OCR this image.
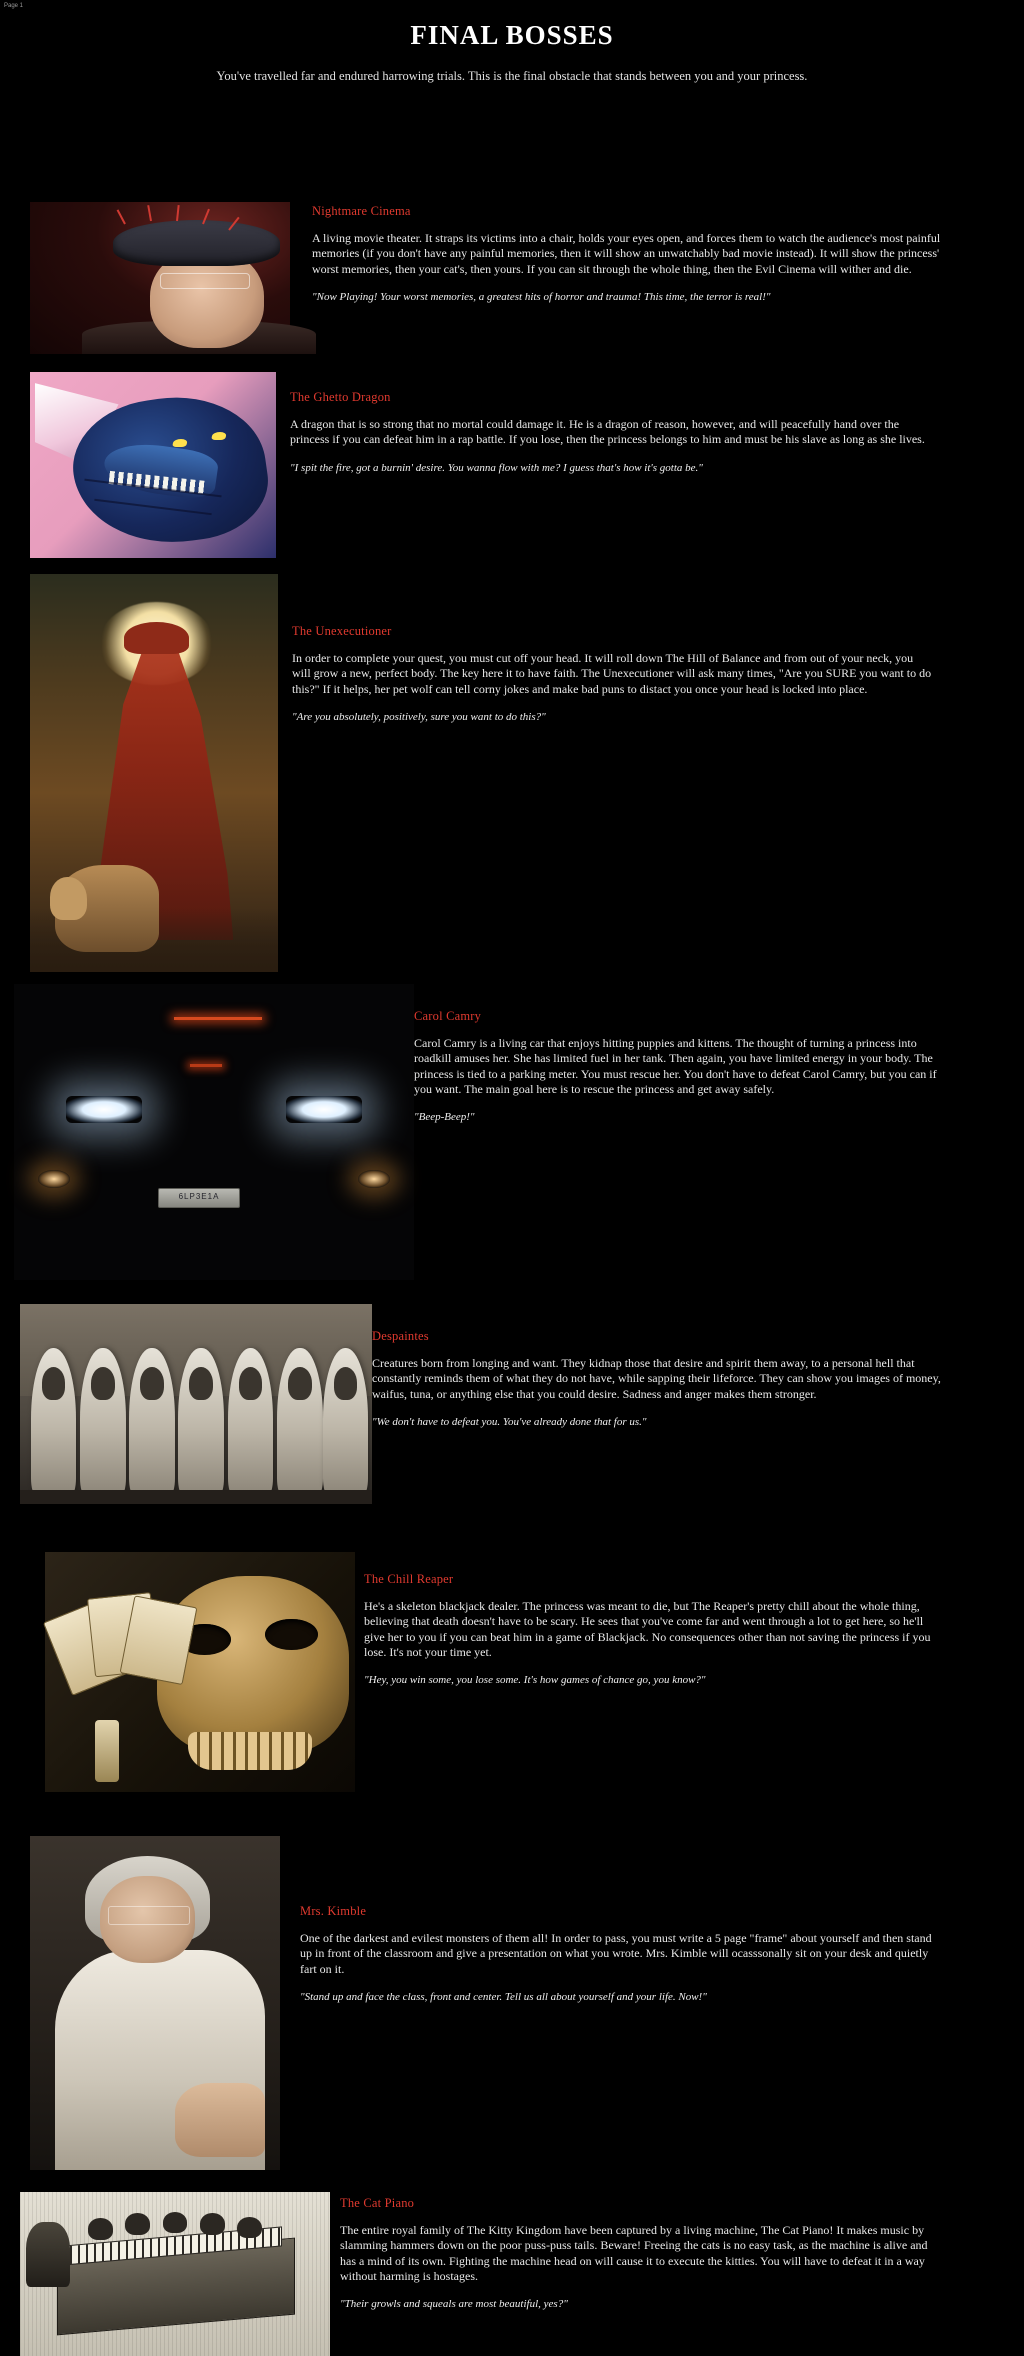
Page 1
FINAL BOSSES

You've travelled far and endured harrowing trials. This is the final obstacle that stands between you and your princess.

Nightmare Cinema
A living movie theater. It straps its victims into a chair, holds your eyes open, and forces them to watch the audience's most painful memories (if you don't have any painful memories, then it will show an unwatchably bad movie instead). It will show the princess' worst memories, then your cat's, then yours. If you can sit through the whole thing, then the Evil Cinema will wither and die.
"Now Playing! Your worst memories, a greatest hits of horror and trauma! This time, the terror is real!"
The Ghetto Dragon
A dragon that is so strong that no mortal could damage it. He is a dragon of reason, however, and will peacefully hand over the princess if you can defeat him in a rap battle. If you lose, then the princess belongs to him and must be his slave as long as she lives.
"I spit the fire, got a burnin' desire. You wanna flow with me? I guess that's how it's gotta be."
The Unexecutioner
In order to complete your quest, you must cut off your head. It will roll down The Hill of Balance and from out of your neck, you will grow a new, perfect body. The key here it to have faith. The Unexecutioner will ask many times, "Are you SURE you want to do this?" If it helps, her pet wolf can tell corny jokes and make bad puns to distact you once your head is locked into place.
"Are you absolutely, positively, sure you want to do this?"
6LP3E1A
Carol Camry
Carol Camry is a living car that enjoys hitting puppies and kittens. The thought of turning a princess into roadkill amuses her. She has limited fuel in her tank. Then again, you have limited energy in your body. The princess is tied to a parking meter. You must rescue her. You don't have to defeat Carol Camry, but you can if you want. The main goal here is to rescue the princess and get away safely.
"Beep-Beep!"
Despaintes
Creatures born from longing and want. They kidnap those that desire and spirit them away, to a personal hell that constantly reminds them of what they do not have, while sapping their lifeforce. They can show you images of money, waifus, tuna, or anything else that you could desire. Sadness and anger makes them stronger.
"We don't have to defeat you. You've already done that for us."
The Chill Reaper
He's a skeleton blackjack dealer. The princess was meant to die, but The Reaper's pretty chill about the whole thing, believing that death doesn't have to be scary. He sees that you've come far and went through a lot to get here, so he'll give her to you if you can beat him in a game of Blackjack. No consequences other than not saving the princess if you lose. It's not your time yet.
"Hey, you win some, you lose some. It's how games of chance go, you know?"
Mrs. Kimble
One of the darkest and evilest monsters of them all! In order to pass, you must write a 5 page "frame" about yourself and then stand up in front of the classroom and give a presentation on what you wrote. Mrs. Kimble will ocasssonally sit on your desk and quietly fart on it.
"Stand up and face the class, front and center. Tell us all about yourself and your life. Now!"
The Cat Piano
The entire royal family of The Kitty Kingdom have been captured by a living machine, The Cat Piano! It makes music by slamming hammers down on the poor puss-puss tails. Beware! Freeing the cats is no easy task, as the machine is alive and has a mind of its own. Fighting the machine head on will cause it to execute the kitties. You will have to defeat it in a way without harming is hostages.
"Their growls and squeals are most beautiful, yes?"
